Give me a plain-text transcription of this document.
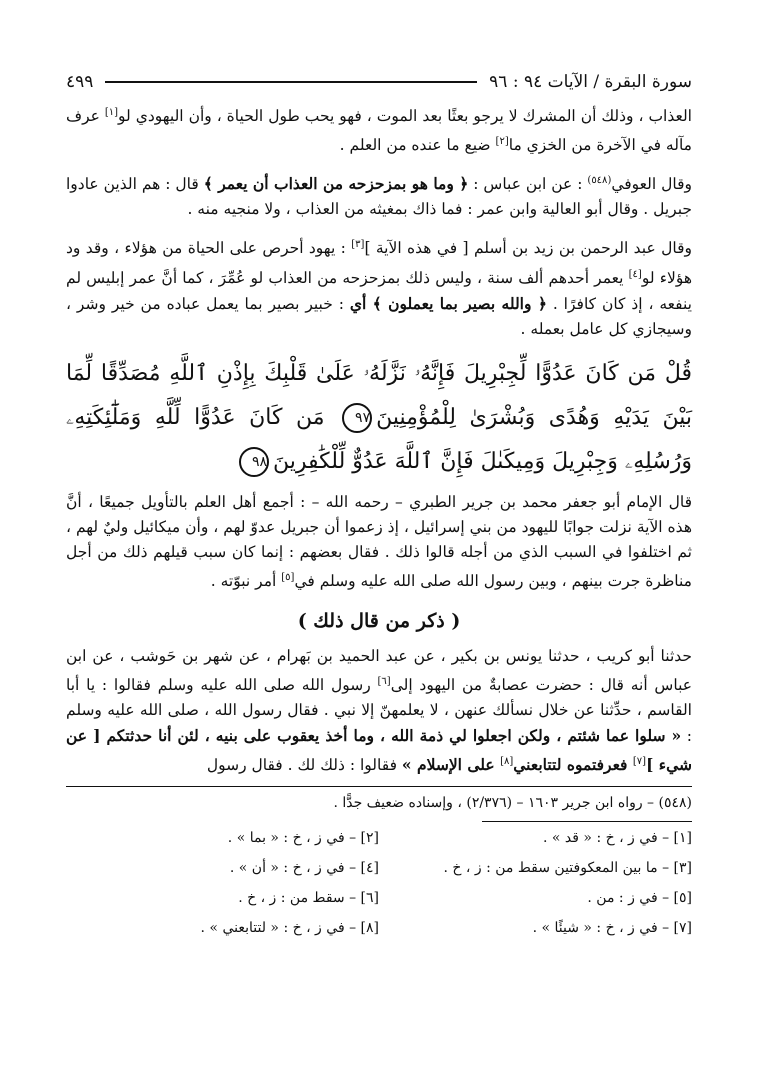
سورة البقرة / الآيات ٩٤ : ٩٦
٤٩٩

العذاب ، وذلك أن المشرك لا يرجو بعثًا بعد الموت ، فهو يحب طول الحياة ، وأن اليهودي لو[١] عرف مآله في الآخرة من الخزي ما[٢] ضيع ما عنده من العلم .

وقال العوفي$^{(٥٤٨)}$ : عن ابن عباس : ﴿ وما هو بمزحزحه من العذاب أن يعمر ﴾ قال : هم الذين عادوا جبريل . وقال أبو العالية وابن عمر : فما ذاك بمغيثه من العذاب ، ولا منجيه منه .

وقال عبد الرحمن بن زيد بن أسلم [ في هذه الآية ][٣] : يهود أحرص على الحياة من هؤلاء ، وقد ود هؤلاء لو[٤] يعمر أحدهم ألف سنة ، وليس ذلك بمزحزحه من العذاب لو عُمِّرَ ، كما أنَّ عمر إبليس لم ينفعه ، إذ كان كافرًا . ﴿ والله بصير بما يعملون ﴾ أي : خبير بصير بما يعمل عباده من خير وشر ، وسيجازي كل عامل بعمله .

قُلْ مَن كَانَ عَدُوًّا لِّجِبْرِيلَ فَإِنَّهُۥ نَزَّلَهُۥ عَلَىٰ قَلْبِكَ بِإِذْنِ ٱللَّهِ مُصَدِّقًا لِّمَا بَيْنَ يَدَيْهِ وَهُدًى وَبُشْرَىٰ لِلْمُؤْمِنِينَ٩٧ مَن كَانَ عَدُوًّا لِّلَّهِ وَمَلَٰٓئِكَتِهِۦ وَرُسُلِهِۦ وَجِبْرِيلَ وَمِيكَىٰلَ فَإِنَّ ٱللَّهَ عَدُوٌّ لِّلْكَٰفِرِينَ٩٨

قال الإمام أبو جعفر محمد بن جرير الطبري – رحمه الله – : أجمع أهل العلم بالتأويل جميعًا ، أنَّ هذه الآية نزلت جوابًا لليهود من بني إسرائيل ، إذ زعموا أن جبريل عدوّ لهم ، وأن ميكائيل وليٌ لهم ، ثم اختلفوا في السبب الذي من أجله قالوا ذلك . فقال بعضهم : إنما كان سبب قيلهم ذلك من أجل مناظرة جرت بينهم ، وبين رسول الله صلى الله عليه وسلم في[٥] أمر نبوّته .

( ذكر من قال ذلك )

حدثنا أبو كريب ، حدثنا يونس بن بكير ، عن عبد الحميد بن بَهرام ، عن شهر بن حَوشب ، عن ابن عباس أنه قال : حضرت عصابةٌ من اليهود إلى[٦] رسول الله صلى الله عليه وسلم فقالوا : يا أبا القاسم ، حدِّثنا عن خلال نسألك عنهن ، لا يعلمهنّ إلا نبي . فقال رسول الله ، صلى الله عليه وسلم : « سلوا عما شئتم ، ولكن اجعلوا لي ذمة الله ، وما أخذ يعقوب على بنيه ، لئن أنا حدثتكم [ عن شيء ][٧] فعرفتموه لتتابعني[٨] على الإسلام » فقالوا : ذلك لك . فقال رسول

(٥٤٨) – رواه ابن جرير ١٦٠٣ – (٢/٣٧٦) ، وإسناده ضعيف جدًّا .
[١] – في ز ، خ : « قد » .
[٢] – في ز ، خ : « بما » .
[٣] – ما بين المعكوفتين سقط من : ز ، خ .
[٤] – في ز ، خ : « أن » .
[٥] – في ز : من .
[٦] – سقط من : ز ، خ .
[٧] – في ز ، خ : « شيئًا » .
[٨] – في ز ، خ : « لتتابعني » .
